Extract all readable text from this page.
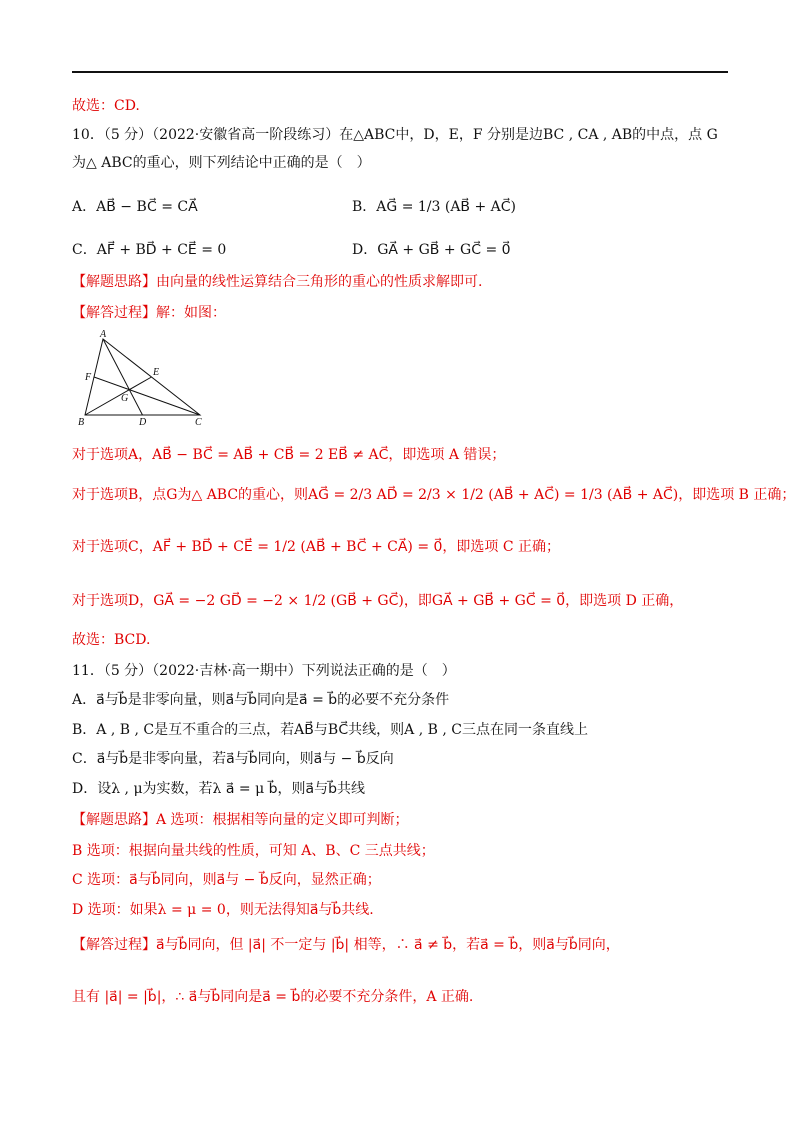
故选：CD.
10．（5 分）（2022·安徽省高一阶段练习）在△ABC中，D，E，F 分别是边BC , CA , AB的中点，点 G
为△ ABC的重心，则下列结论中正确的是（　）
A．AB⃗ − BC⃗ = CA⃗	B．AG⃗ = 1/3 (AB⃗ + AC⃗)
C．AF⃗ + BD⃗ + CE⃗ = 0	D．GA⃗ + GB⃗ + GC⃗ = 0⃗
【解题思路】由向量的线性运算结合三角形的重心的性质求解即可.
【解答过程】解：如图：
A
B	C
D
E
F
G
对于选项A，AB⃗ − BC⃗ = AB⃗ + CB⃗ = 2 EB⃗ ≠ AC⃗，即选项 A 错误；
对于选项B，点G为△ ABC的重心，则AG⃗ = 2/3 AD⃗ = 2/3 × 1/2 (AB⃗ + AC⃗) = 1/3 (AB⃗ + AC⃗)，即选项 B 正确；
对于选项C，AF⃗ + BD⃗ + CE⃗ = 1/2 (AB⃗ + BC⃗ + CA⃗) = 0⃗，即选项 C 正确；
对于选项D，GA⃗ = −2 GD⃗ = −2 × 1/2 (GB⃗ + GC⃗)，即GA⃗ + GB⃗ + GC⃗ = 0⃗，即选项 D 正确，
故选：BCD.
11．（5 分）（2022·吉林·高一期中）下列说法正确的是（　）
A．a⃗与b⃗是非零向量，则a⃗与b⃗同向是a⃗ = b⃗的必要不充分条件
B．A , B , C是互不重合的三点，若AB⃗与BC⃗共线，则A , B , C三点在同一条直线上
C．a⃗与b⃗是非零向量，若a⃗与b⃗同向，则a⃗与 − b⃗反向
D．设λ , μ为实数，若λ a⃗ = μ b⃗，则a⃗与b⃗共线
【解题思路】A 选项：根据相等向量的定义即可判断；
B 选项：根据向量共线的性质，可知 A、B、C 三点共线；
C 选项：a⃗与b⃗同向，则a⃗与 − b⃗反向，显然正确；
D 选项：如果λ = μ = 0，则无法得知a⃗与b⃗共线.
【解答过程】a⃗与b⃗同向，但 |a⃗| 不一定与 |b⃗| 相等，∴ a⃗ ≠ b⃗，若a⃗ = b⃗，则a⃗与b⃗同向，
且有 |a⃗| = |b⃗|，∴ a⃗与b⃗同向是a⃗ = b⃗的必要不充分条件，A 正确.
